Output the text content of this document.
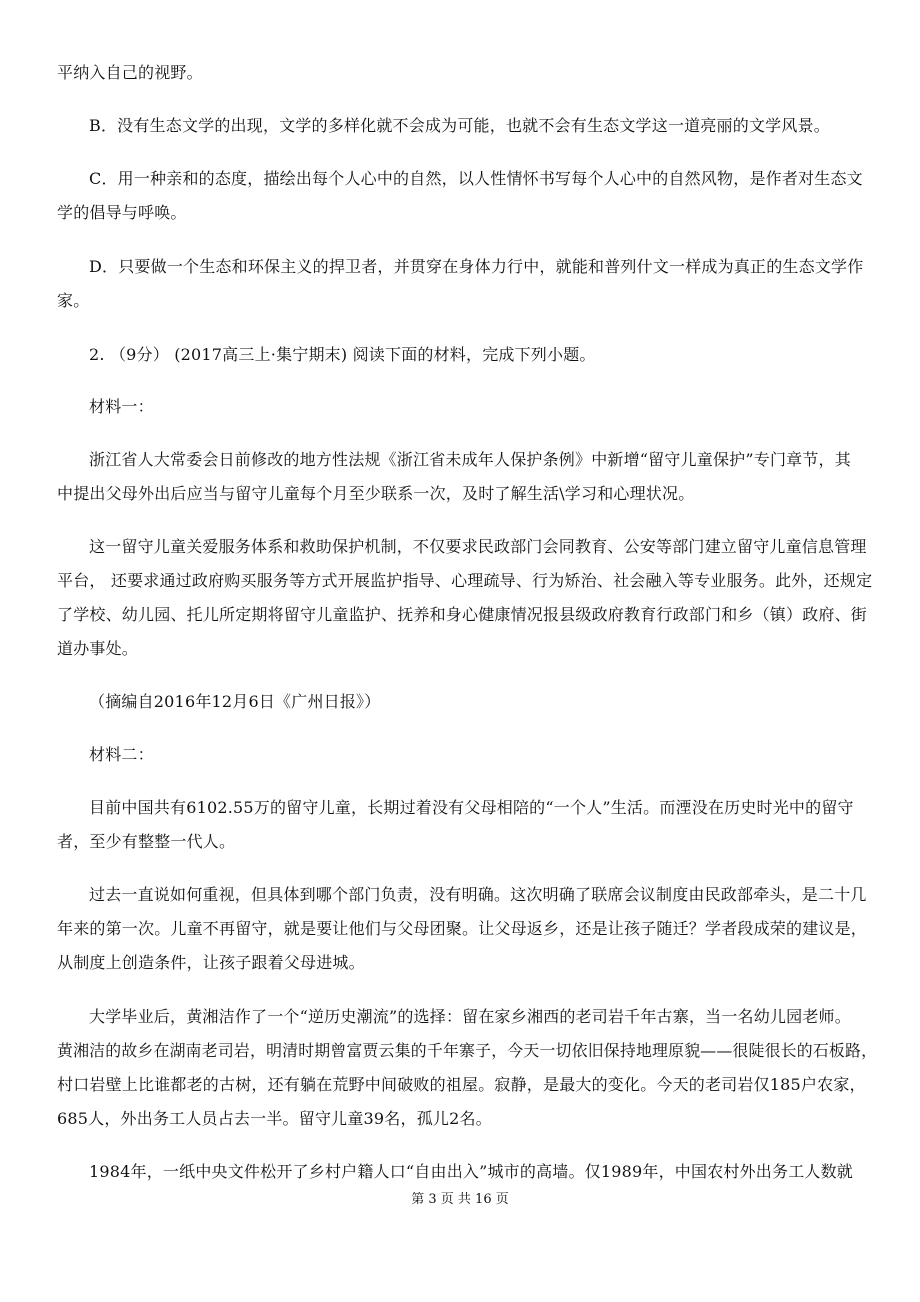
平纳入自己的视野。
B．没有生态文学的出现，文学的多样化就不会成为可能，也就不会有生态文学这一道亮丽的文学风景。
C．用一种亲和的态度，描绘出每个人心中的自然，以人性情怀书写每个人心中的自然风物，是作者对生态文
学的倡导与呼唤。
D．只要做一个生态和环保主义的捍卫者，并贯穿在身体力行中，就能和普列什文一样成为真正的生态文学作
家。
2. （9分） (2017高三上·集宁期末) 阅读下面的材料，完成下列小题。
材料一：
浙江省人大常委会日前修改的地方性法规《浙江省未成年人保护条例》中新增“留守儿童保护”专门章节，其
中提出父母外出后应当与留守儿童每个月至少联系一次，及时了解生活\学习和心理状况。
这一留守儿童关爱服务体系和救助保护机制，不仅要求民政部门会同教育、公安等部门建立留守儿童信息管理
平台， 还要求通过政府购买服务等方式开展监护指导、心理疏导、行为矫治、社会融入等专业服务。此外，还规定
了学校、幼儿园、托儿所定期将留守儿童监护、抚养和身心健康情况报县级政府教育行政部门和乡（镇）政府、街
道办事处。
（摘编自2016年12月6日《广州日报》）
材料二：
目前中国共有6102.55万的留守儿童，长期过着没有父母相陪的“一个人”生活。而湮没在历史时光中的留守
者，至少有整整一代人。
过去一直说如何重视，但具体到哪个部门负责，没有明确。这次明确了联席会议制度由民政部牵头，是二十几
年来的第一次。儿童不再留守，就是要让他们与父母团聚。让父母返乡，还是让孩子随迁？学者段成荣的建议是，
从制度上创造条件，让孩子跟着父母进城。
大学毕业后，黄湘洁作了一个“逆历史潮流”的选择：留在家乡湘西的老司岩千年古寨，当一名幼儿园老师。
黄湘洁的故乡在湖南老司岩，明清时期曾富贾云集的千年寨子，今天一切依旧保持地理原貌——很陡很长的石板路，
村口岩壁上比谁都老的古树，还有躺在荒野中间破败的祖屋。寂静，是最大的变化。今天的老司岩仅185户农家，
685人，外出务工人员占去一半。留守儿童39名，孤儿2名。
1984年，一纸中央文件松开了乡村户籍人口“自由出入”城市的高墙。仅1989年，中国农村外出务工人数就
第 3 页 共 16 页
